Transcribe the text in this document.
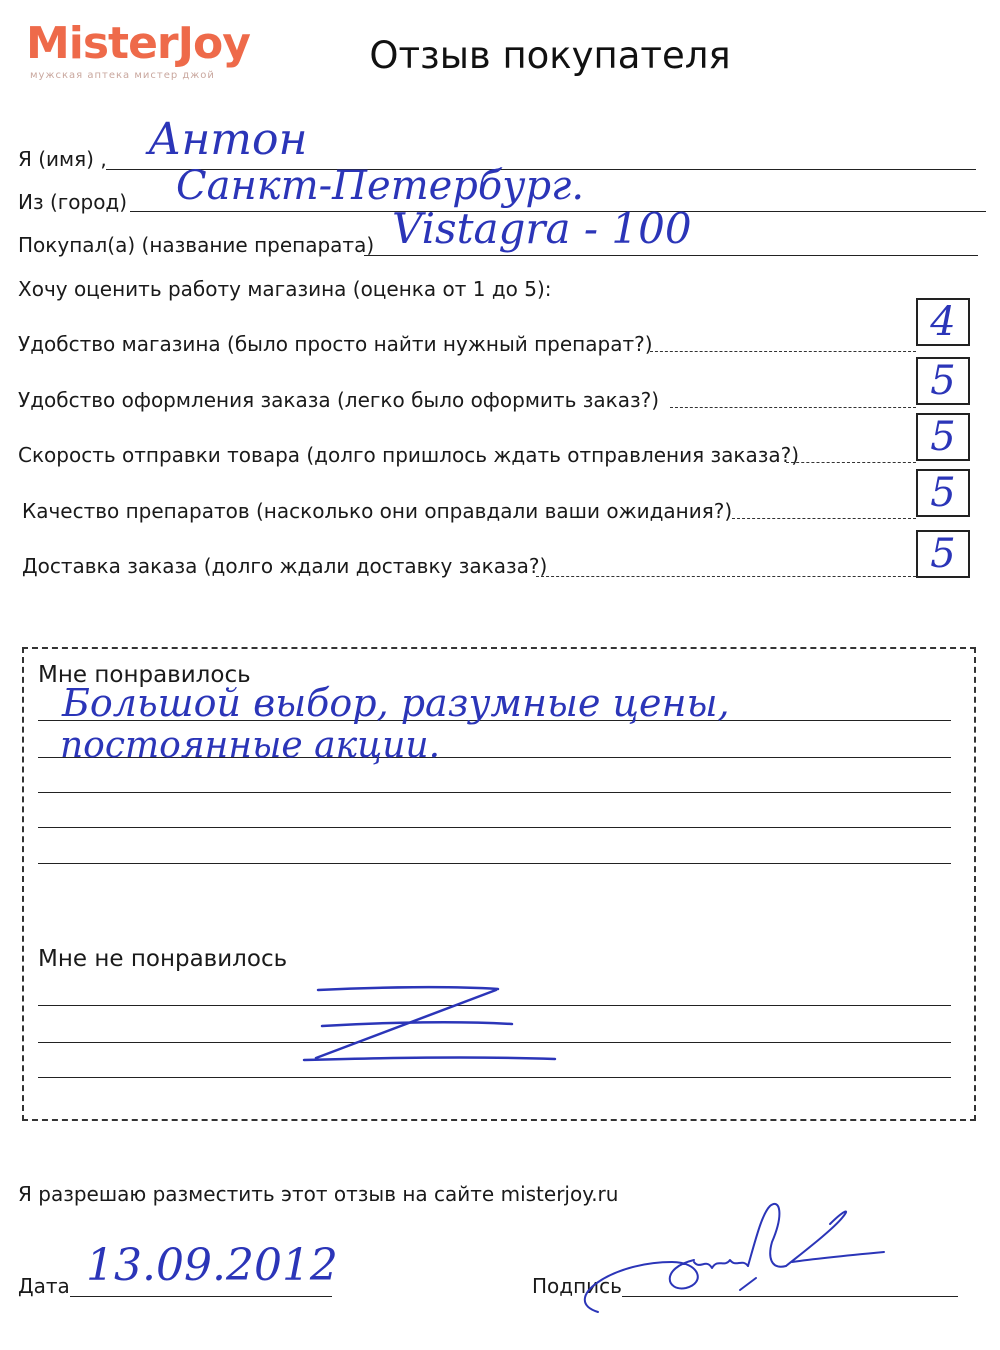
MisterJoy
мужская аптека мистер джой	Отзыв покупателя
Я (имя) , Антон
Из (город) Санкт-Петербург.
Покупал(а) (название препарата) Vistagra - 100
Хочу оценить работу магазина (оценка от 1 до 5):
Удобство магазина (было просто найти нужный препарат?)	4
Удобство оформления заказа (легко было оформить заказ?)	5
Скорость отправки товара (долго пришлось ждать отправления заказа?)	5
Качество препаратов (насколько они оправдали ваши ожидания?)	5
Доставка заказа (долго ждали доставку заказа?)	5
Мне понравилось
Большой выбор, разумные цены,
постоянные акции.
Мне не понравилось
Я разрешаю разместить этот отзыв на сайте misterjoy.ru
Дата 13.09.2012	Подпись
